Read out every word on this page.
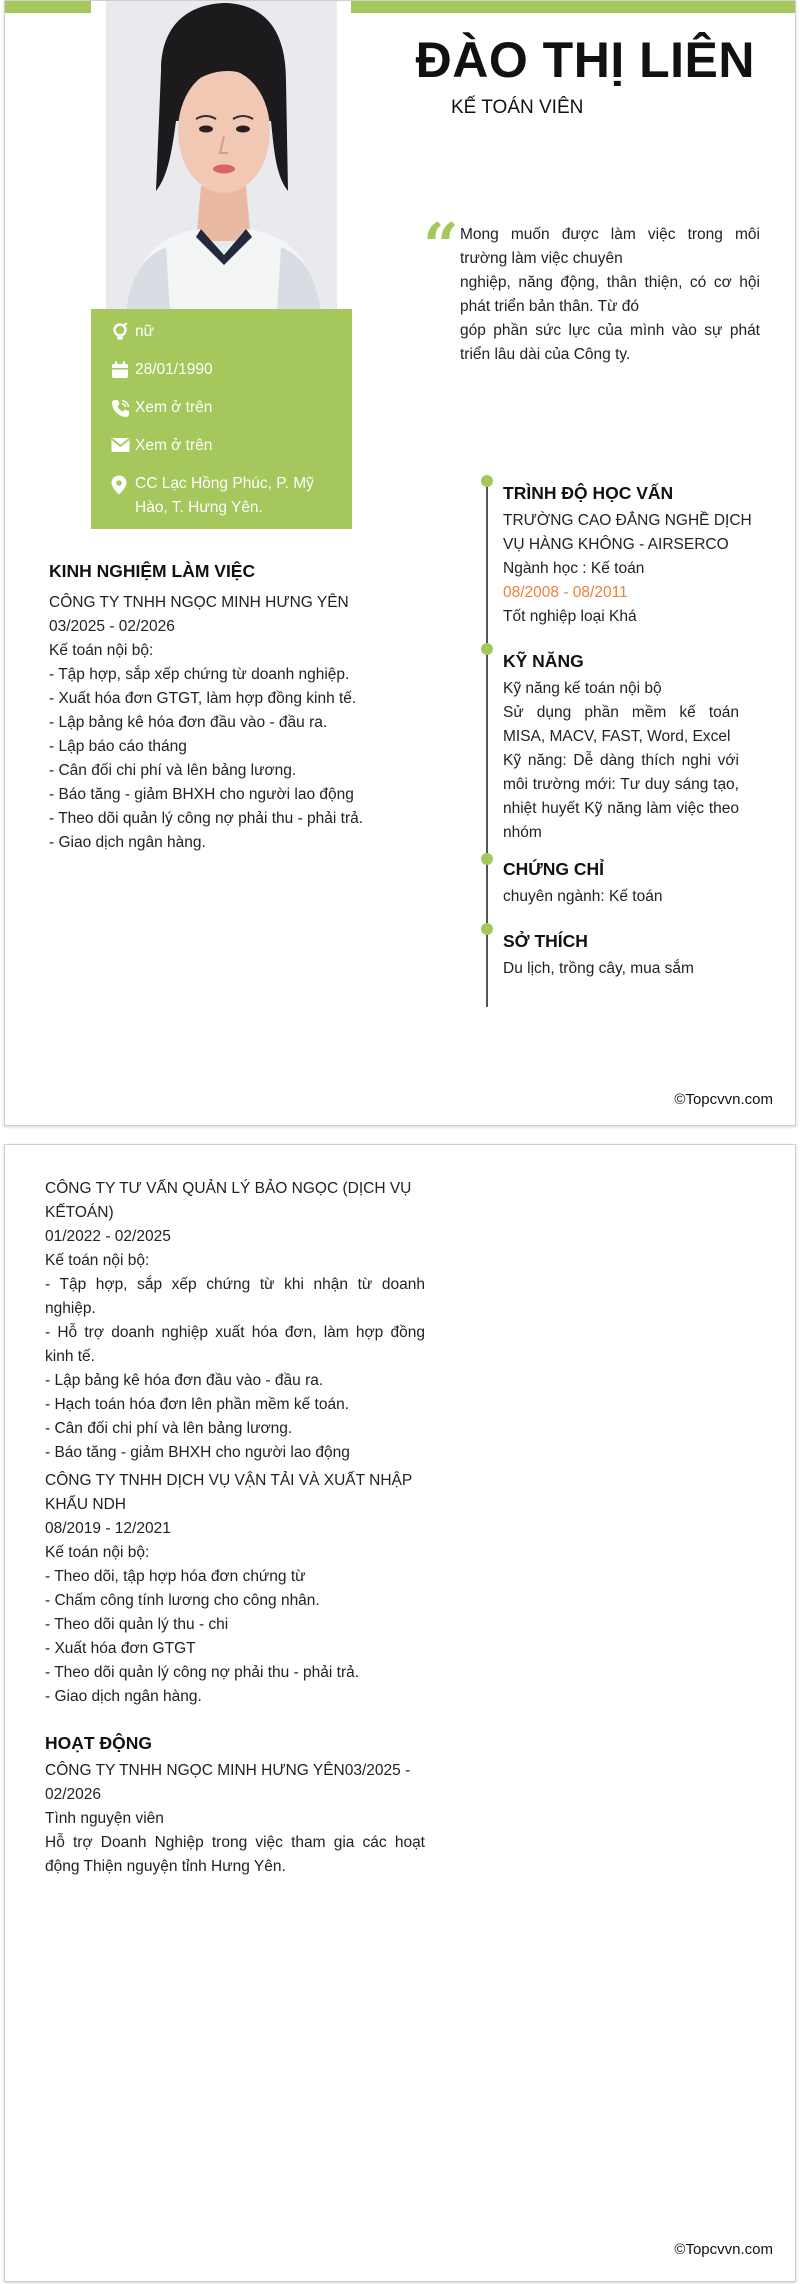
nữ
28/01/1990
Xem ở trên
Xem ở trên
CC Lạc Hồng Phúc, P. Mỹ Hào, T. Hưng Yên.
ĐÀO THỊ LIÊN
KẾ TOÁN VIÊN
“ Mong muốn được làm việc trong môi trường làm việc chuyên
nghiệp, năng động, thân thiện, có cơ hội phát triển bản thân. Từ đó
góp phần sức lực của mình vào sự phát triển lâu dài của Công ty.
KINH NGHIỆM LÀM VIỆC
CÔNG TY TNHH NGỌC MINH HƯNG YÊN
03/2025 - 02/2026
Kế toán nội bộ:
- Tập hợp, sắp xếp chứng từ doanh nghiệp.
- Xuất hóa đơn GTGT, làm hợp đồng kinh tế.
- Lập bảng kê hóa đơn đầu vào - đầu ra.
- Lập báo cáo tháng
- Cân đối chi phí và lên bảng lương.
- Báo tăng - giảm BHXH cho người lao động
- Theo dõi quản lý công nợ phải thu - phải trả.
- Giao dịch ngân hàng.
TRÌNH ĐỘ HỌC VẤN
TRƯỜNG CAO ĐẲNG NGHỀ DỊCH VỤ HÀNG KHÔNG - AIRSERCO
Ngành học : Kế toán
08/2008 - 08/2011
Tốt nghiệp loại Khá
KỸ NĂNG
Kỹ năng kế toán nội bộ
Sử dụng phần mềm kế toán MISA, MACV, FAST, Word, Excel
Kỹ năng: Dễ dàng thích nghi với môi trường mới: Tư duy sáng tạo, nhiệt huyết Kỹ năng làm việc theo nhóm
CHỨNG CHỈ
chuyên ngành: Kế toán
SỞ THÍCH
Du lịch, trồng cây, mua sắm
©Topcvvn.com
CÔNG TY TƯ VẤN QUẢN LÝ BẢO NGỌC (DỊCH VỤ KẾTOÁN)
01/2022 - 02/2025
Kế toán nội bộ:
- Tập hợp, sắp xếp chứng từ khi nhận từ doanh nghiệp.
- Hỗ trợ doanh nghiệp xuất hóa đơn, làm hợp đồng kinh tế.
- Lập bảng kê hóa đơn đầu vào - đầu ra.
- Hạch toán hóa đơn lên phần mềm kế toán.
- Cân đối chi phí và lên bảng lương.
- Báo tăng - giảm BHXH cho người lao động
CÔNG TY TNHH DỊCH VỤ VẬN TẢI VÀ XUẤT NHẬP KHẨU NDH
08/2019 - 12/2021
Kế toán nội bộ:
- Theo dõi, tập hợp hóa đơn chứng từ
- Chấm công tính lương cho công nhân.
- Theo dõi quản lý thu - chi
- Xuất hóa đơn GTGT
- Theo dõi quản lý công nợ phải thu - phải trả.
- Giao dịch ngân hàng.
HOẠT ĐỘNG
CÔNG TY TNHH NGỌC MINH HƯNG YÊN03/2025 - 02/2026
Tình nguyện viên
Hỗ trợ Doanh Nghiệp trong việc tham gia các hoạt động Thiện nguyện tỉnh Hưng Yên.
©Topcvvn.com
